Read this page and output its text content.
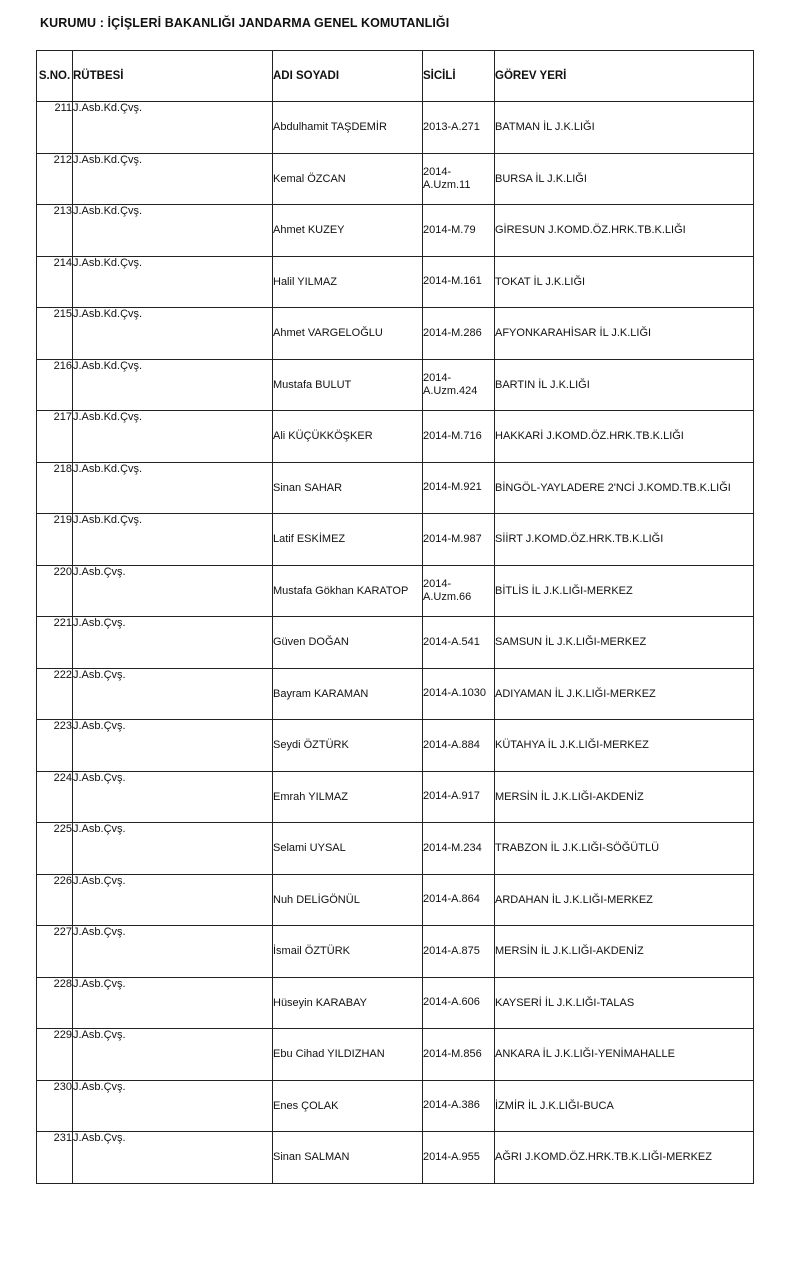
KURUMU : İÇİŞLERİ BAKANLIĞI JANDARMA GENEL KOMUTANLIĞI
S.NO.	RÜTBESİ	ADI SOYADI	SİCİLİ	GÖREV YERİ
211	J.Asb.Kd.Çvş.	Abdulhamit TAŞDEMİR	2013-A.271	BATMAN İL J.K.LIĞI
212	J.Asb.Kd.Çvş.	Kemal ÖZCAN	2014-
A.Uzm.11	BURSA İL J.K.LIĞI
213	J.Asb.Kd.Çvş.	Ahmet KUZEY	2014-M.79	GİRESUN J.KOMD.ÖZ.HRK.TB.K.LIĞI
214	J.Asb.Kd.Çvş.	Halil YILMAZ	2014-M.161	TOKAT İL J.K.LIĞI
215	J.Asb.Kd.Çvş.	Ahmet VARGELOĞLU	2014-M.286	AFYONKARAHİSAR İL J.K.LIĞI
216	J.Asb.Kd.Çvş.	Mustafa BULUT	2014-
A.Uzm.424	BARTIN İL J.K.LIĞI
217	J.Asb.Kd.Çvş.	Ali KÜÇÜKKÖŞKER	2014-M.716	HAKKARİ J.KOMD.ÖZ.HRK.TB.K.LIĞI
218	J.Asb.Kd.Çvş.	Sinan SAHAR	2014-M.921	BİNGÖL-YAYLADERE 2'NCİ J.KOMD.TB.K.LIĞI
219	J.Asb.Kd.Çvş.	Latif ESKİMEZ	2014-M.987	SİİRT J.KOMD.ÖZ.HRK.TB.K.LIĞI
220	J.Asb.Çvş.	Mustafa Gökhan KARATOP	2014-
A.Uzm.66	BİTLİS İL J.K.LIĞI-MERKEZ
221	J.Asb.Çvş.	Güven DOĞAN	2014-A.541	SAMSUN İL J.K.LIĞI-MERKEZ
222	J.Asb.Çvş.	Bayram KARAMAN	2014-A.1030	ADIYAMAN İL J.K.LIĞI-MERKEZ
223	J.Asb.Çvş.	Seydi ÖZTÜRK	2014-A.884	KÜTAHYA İL J.K.LIĞI-MERKEZ
224	J.Asb.Çvş.	Emrah YILMAZ	2014-A.917	MERSİN İL J.K.LIĞI-AKDENİZ
225	J.Asb.Çvş.	Selami UYSAL	2014-M.234	TRABZON İL J.K.LIĞI-SÖĞÜTLÜ
226	J.Asb.Çvş.	Nuh DELİGÖNÜL	2014-A.864	ARDAHAN İL J.K.LIĞI-MERKEZ
227	J.Asb.Çvş.	İsmail ÖZTÜRK	2014-A.875	MERSİN İL J.K.LIĞI-AKDENİZ
228	J.Asb.Çvş.	Hüseyin KARABAY	2014-A.606	KAYSERİ İL J.K.LIĞI-TALAS
229	J.Asb.Çvş.	Ebu Cihad YILDIZHAN	2014-M.856	ANKARA İL J.K.LIĞI-YENİMAHALLE
230	J.Asb.Çvş.	Enes ÇOLAK	2014-A.386	İZMİR İL J.K.LIĞI-BUCA
231	J.Asb.Çvş.	Sinan SALMAN	2014-A.955	AĞRI J.KOMD.ÖZ.HRK.TB.K.LIĞI-MERKEZ
